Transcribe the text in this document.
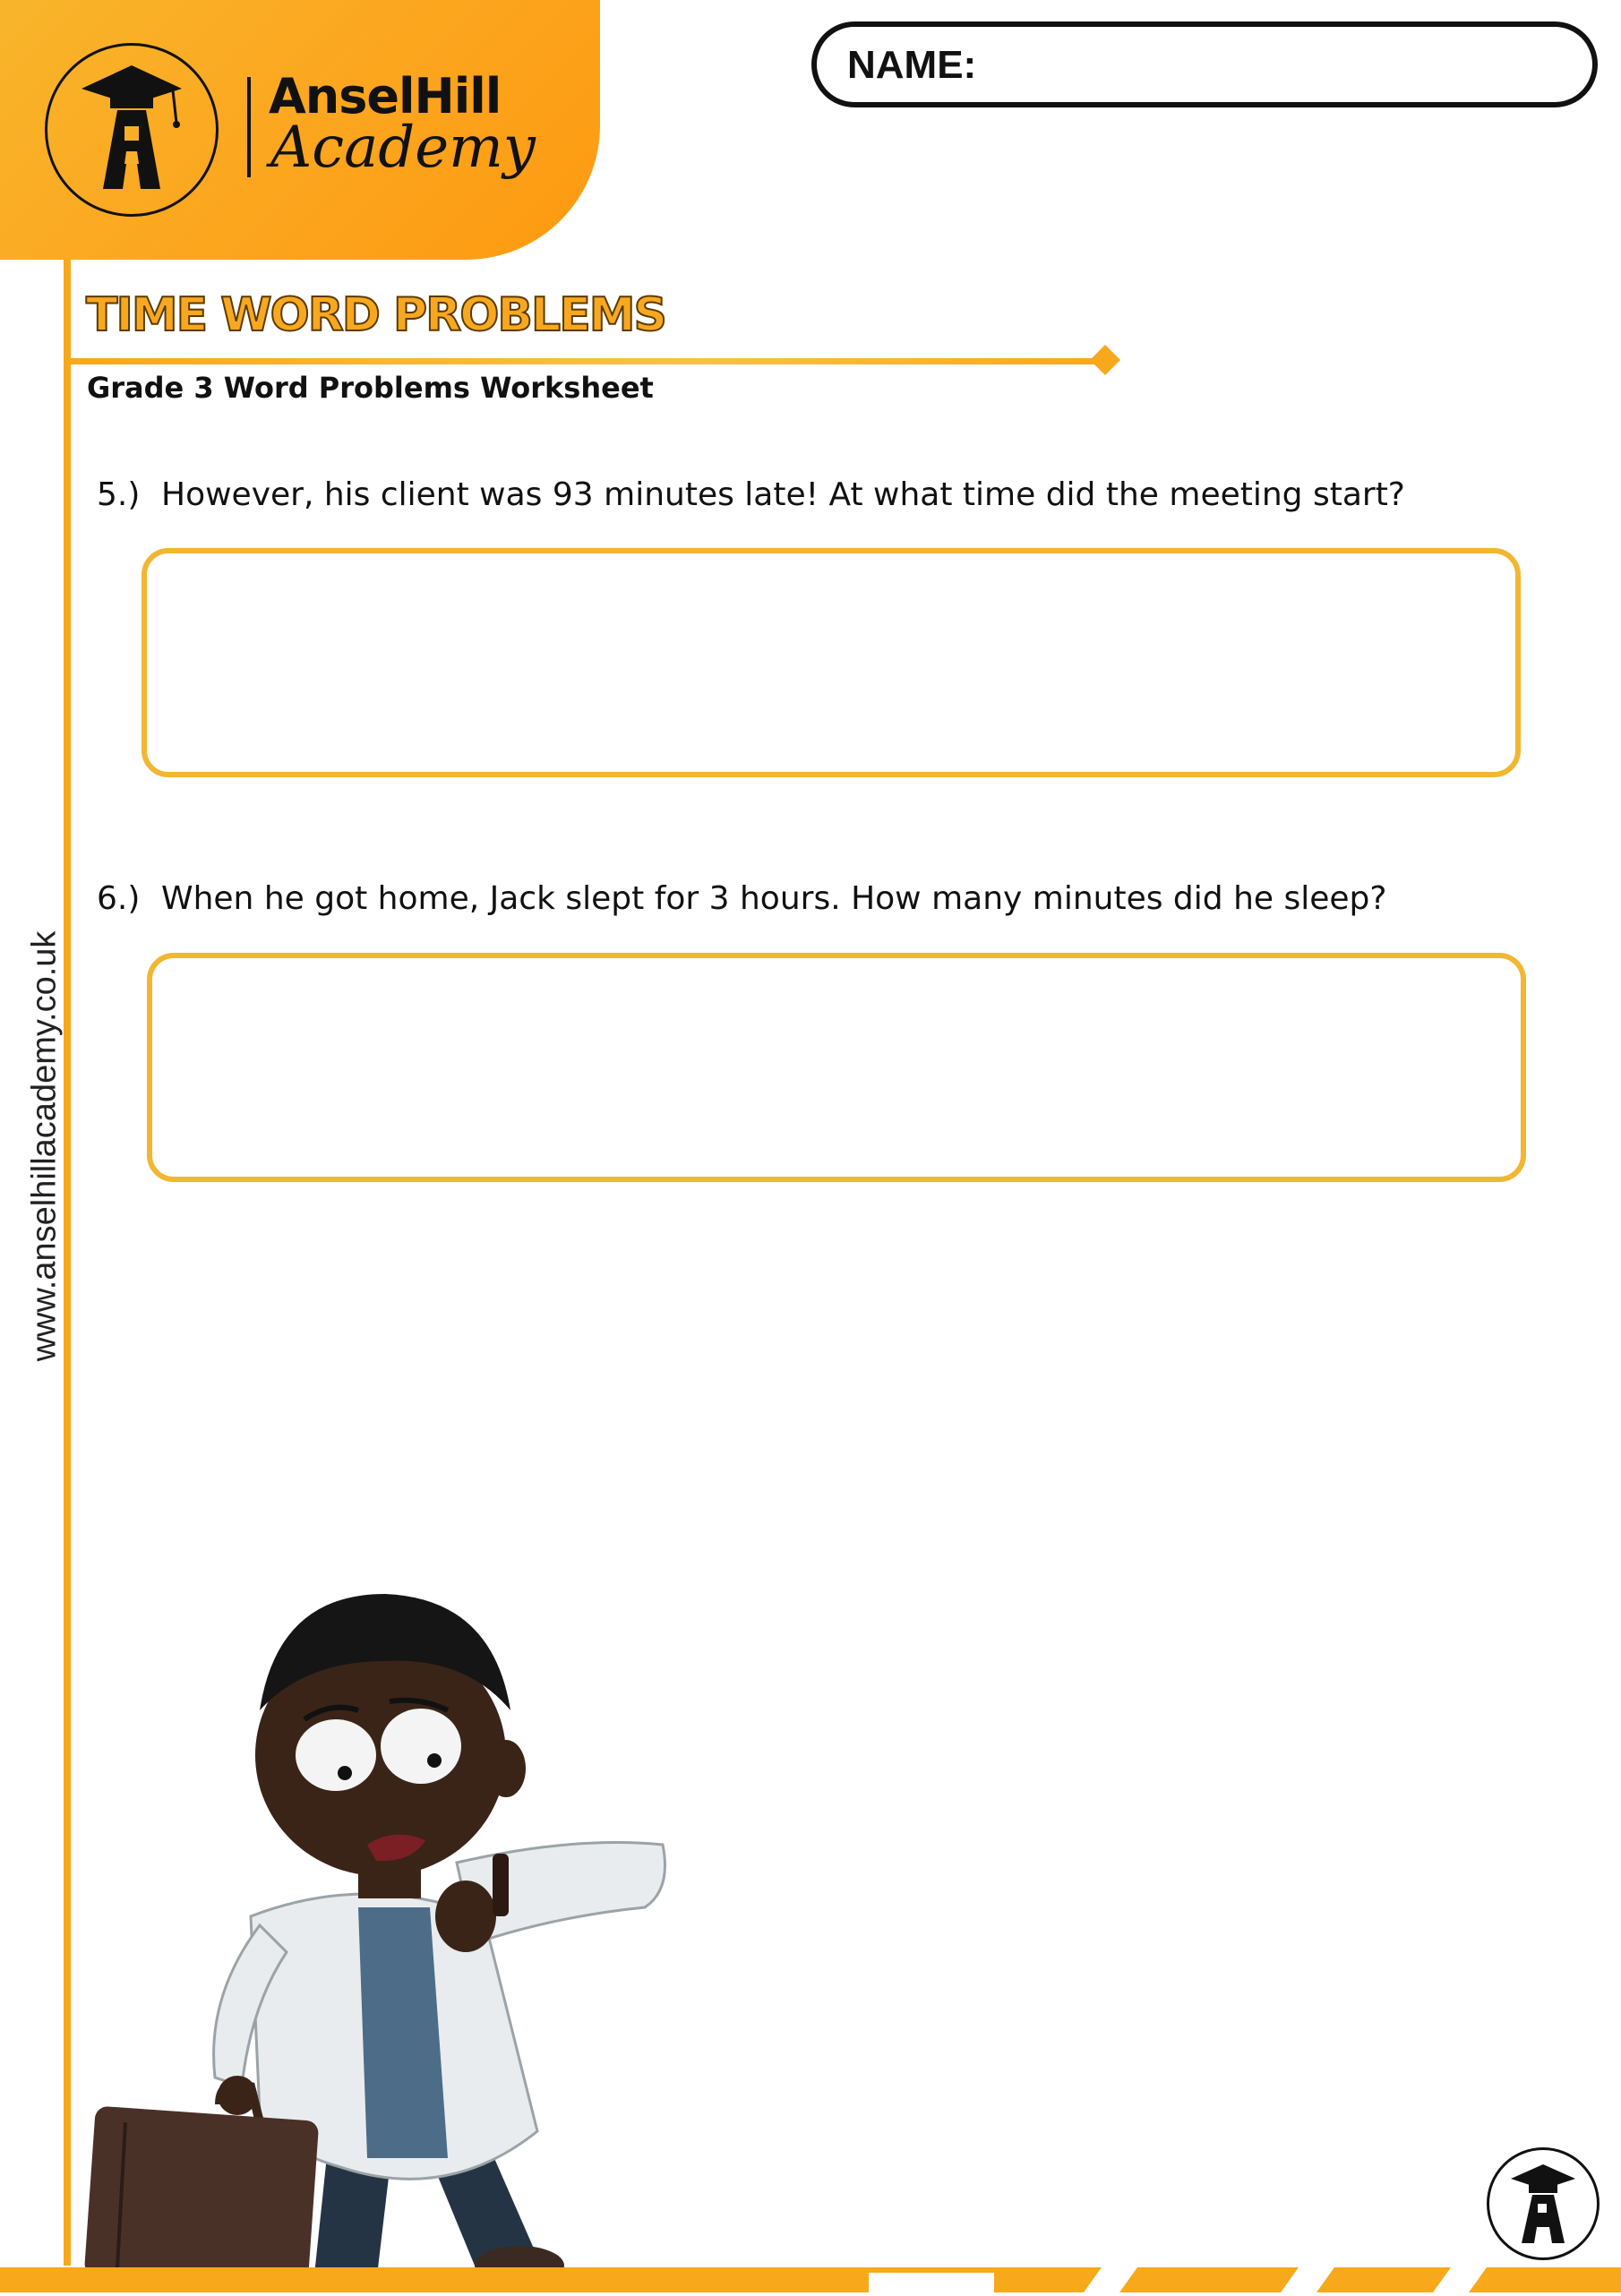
AnselHill
Academy
NAME:
www.anselhillacademy.co.uk
TIME WORD PROBLEMS
Grade 3 Word Problems Worksheet
5.) However, his client was 93 minutes late! At what time did the meeting start?
6.) When he got home, Jack slept for 3 hours. How many minutes did he sleep?
